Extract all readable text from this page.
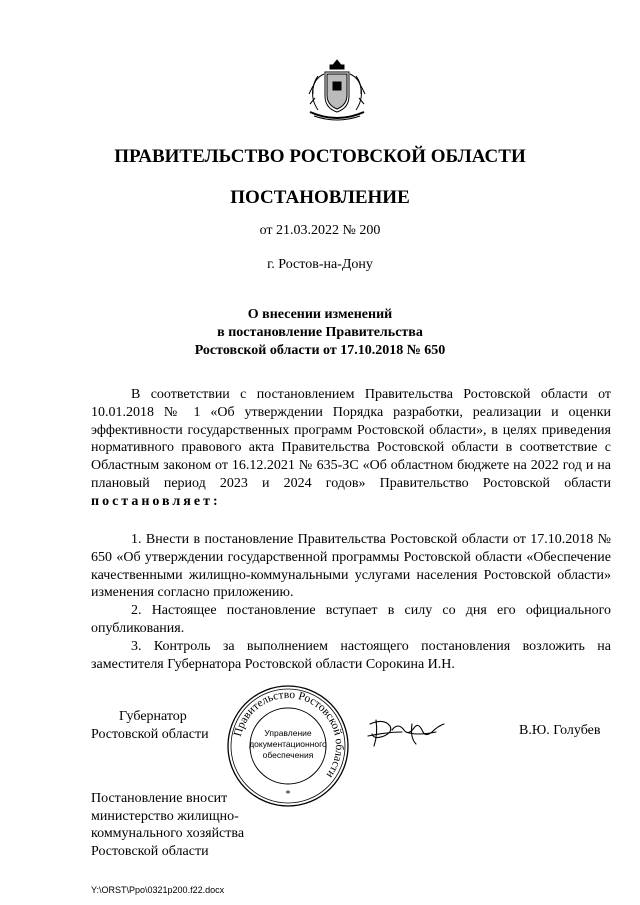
ПРАВИТЕЛЬСТВО РОСТОВСКОЙ ОБЛАСТИ
ПОСТАНОВЛЕНИЕ
от 21.03.2022 № 200
г. Ростов-на-Дону
О внесении изменений
в постановление Правительства
Ростовской области от 17.10.2018 № 650

В соответствии с постановлением Правительства Ростовской области от 10.01.2018 № 1 «Об утверждении Порядка разработки, реализации и оценки эффективности государственных программ Ростовской области», в целях приведения нормативного правового акта Правительства Ростовской области в соответствие с Областным законом от 16.12.2021 № 635-ЗС «Об областном бюджете на 2022 год и на плановый период 2023 и 2024 годов» Правительство Ростовской области постановляет:

1. Внести в постановление Правительства Ростовской области от 17.10.2018 № 650 «Об утверждении государственной программы Ростовской области «Обеспечение качественными жилищно-коммунальными услугами населения Ростовской области» изменения согласно приложению.

2. Настоящее постановление вступает в силу со дня его официального опубликования.

3. Контроль за выполнением настоящего постановления возложить на заместителя Губернатора Ростовской области Сорокина И.Н.

Губернатор
Ростовской области	Правительство Ростовской области
Управление
документационного
обеспечения
*
В.Ю. Голубев
Постановление вносит
министерство жилищно-
коммунального хозяйства
Ростовской области
Y:\ORST\Ppo\0321p200.f22.docx
